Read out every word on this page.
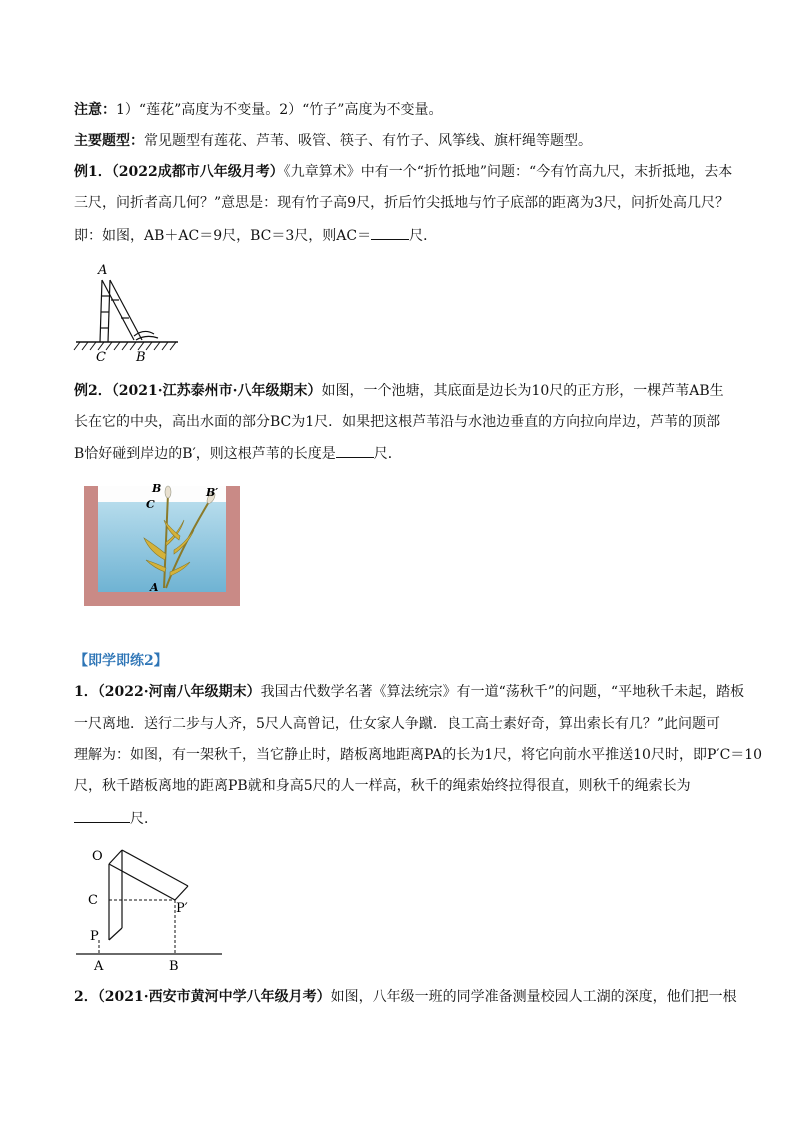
注意：1）“莲花”高度为不变量。2）“竹子”高度为不变量。
主要题型：常见题型有莲花、芦苇、吸管、筷子、有竹子、风筝线、旗杆绳等题型。
例1．（2022成都市八年级月考）《九章算术》中有一个“折竹抵地”问题：“今有竹高九尺，末折抵地，去本
三尺，问折者高几何？”意思是：现有竹子高9尺，折后竹尖抵地与竹子底部的距离为3尺，问折处高几尺？
即：如图，AB＋AC＝9尺，BC＝3尺，则AC＝	尺．
A
C B
例2．（2021·江苏泰州市·八年级期末）如图，一个池塘，其底面是边长为10尺的正方形，一棵芦苇AB生
长在它的中央，高出水面的部分BC为1尺．如果把这根芦苇沿与水池边垂直的方向拉向岸边，芦苇的顶部
B恰好碰到岸边的B′，则这根芦苇的长度是	尺．
B
C
B′
A
【即学即练2】
1．（2022·河南八年级期末）我国古代数学名著《算法统宗》有一道“荡秋千”的问题，“平地秋千未起，踏板
一尺离地．送行二步与人齐，5尺人高曾记，仕女家人争蹴．良工高士素好奇，算出索长有几？”此问题可
理解为：如图，有一架秋千，当它静止时，踏板离地距离PA的长为1尺，将它向前水平推送10尺时，即P′C＝10
尺，秋千踏板离地的距离PB就和身高5尺的人一样高，秋千的绳索始终拉得很直，则秋千的绳索长为
尺．
O
C
P′
P
A	B
2．（2021·西安市黄河中学八年级月考）如图，八年级一班的同学准备测量校园人工湖的深度，他们把一根
